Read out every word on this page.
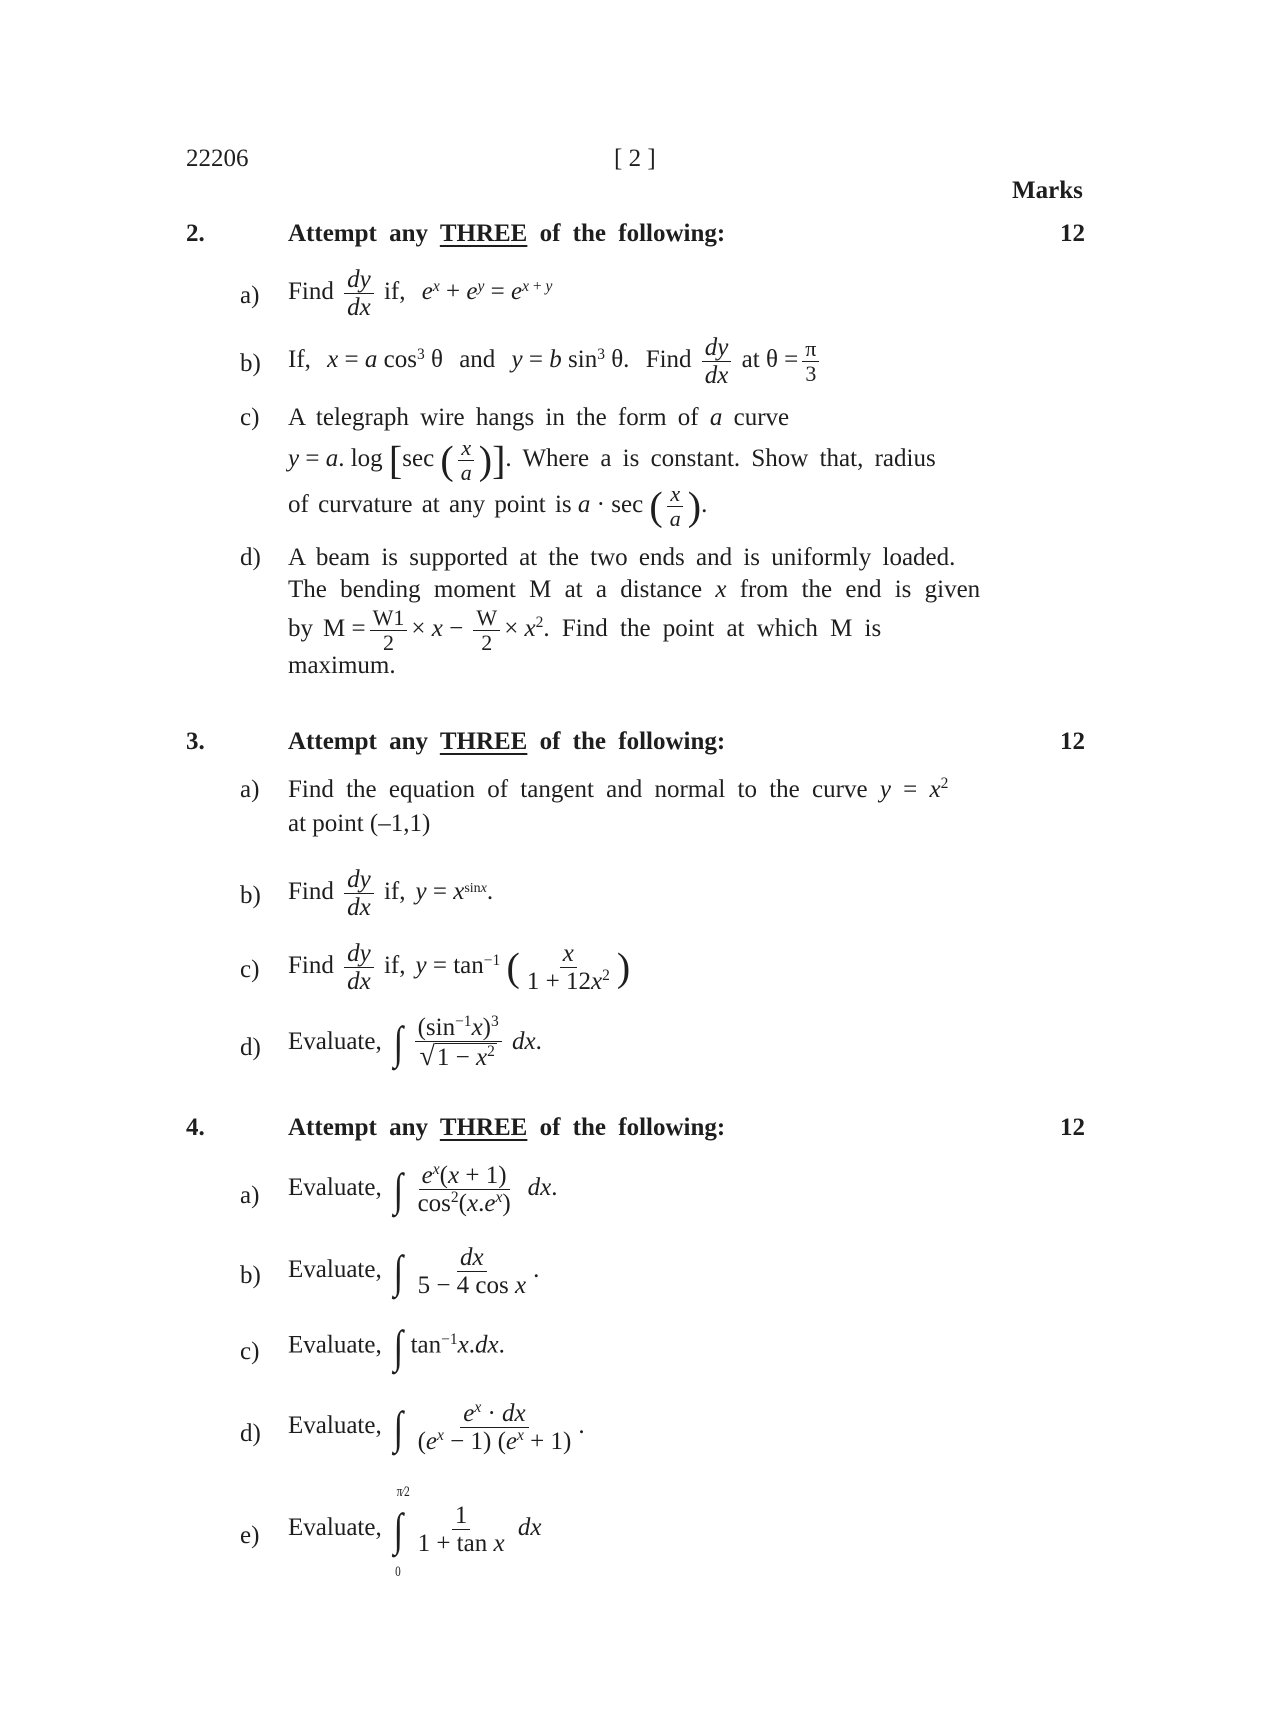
22206	[ 2 ]
Marks
2.	Attempt any THREE of the following:	12
a) Find $\frac{dy}{dx}$ if, $e^x + e^y = e^{x + y}$
b) If, x = a $\cos^3 \theta$ and y = b $\sin^3 \theta$. Find $\frac{dy}{dx}$ at $\theta = \frac{\pi}{3}$
c) A telegraph wire hangs in the form of a curve
y = a. log [sec ( $\frac{x}{a}$ )]. Where a is constant. Show that, radius
of curvature at any point is a · sec ( $\frac{x}{a}$ ).
d) A beam is supported at the two ends and is uniformly loaded.
The bending moment M at a distance x from the end is given
by $M = \frac{W1}{2} \times x - \frac{W}{2} \times x^2$. Find the point at which M is
maximum.
3.	Attempt any THREE of the following:	12
a) Find the equation of tangent and normal to the curve $y = x^2$
at point (–1,1)
b) Find $\frac{dy}{dx}$ if, $y = x^{sinx}$.
c) Find $\frac{dy}{dx}$ if, $y = \tan^{-1}$ ( $\frac{x}{1 + 12x^2}$ )
d) Evaluate, ∫ $\frac{(\sin^{-1}x)^3}{√1 - x^2}$ dx.
4.	Attempt any THREE of the following:	12
a) Evaluate, ∫ $\frac{e^x(x + 1)}{\cos^2(x.e^x)}$ dx.
b) Evaluate, ∫ $\frac{dx}{\text{5 − 4 cos x}}$ .
c) Evaluate, ∫ $\tan^{-1}x.dx$.
d) Evaluate, ∫ $\frac{e^x \cdot dx}{(e^x - 1) (e^x + 1)}$ .
e) Evaluate, ∫
π⁄2
0
$\frac{1}{\text{1 + tan x}}$ dx
